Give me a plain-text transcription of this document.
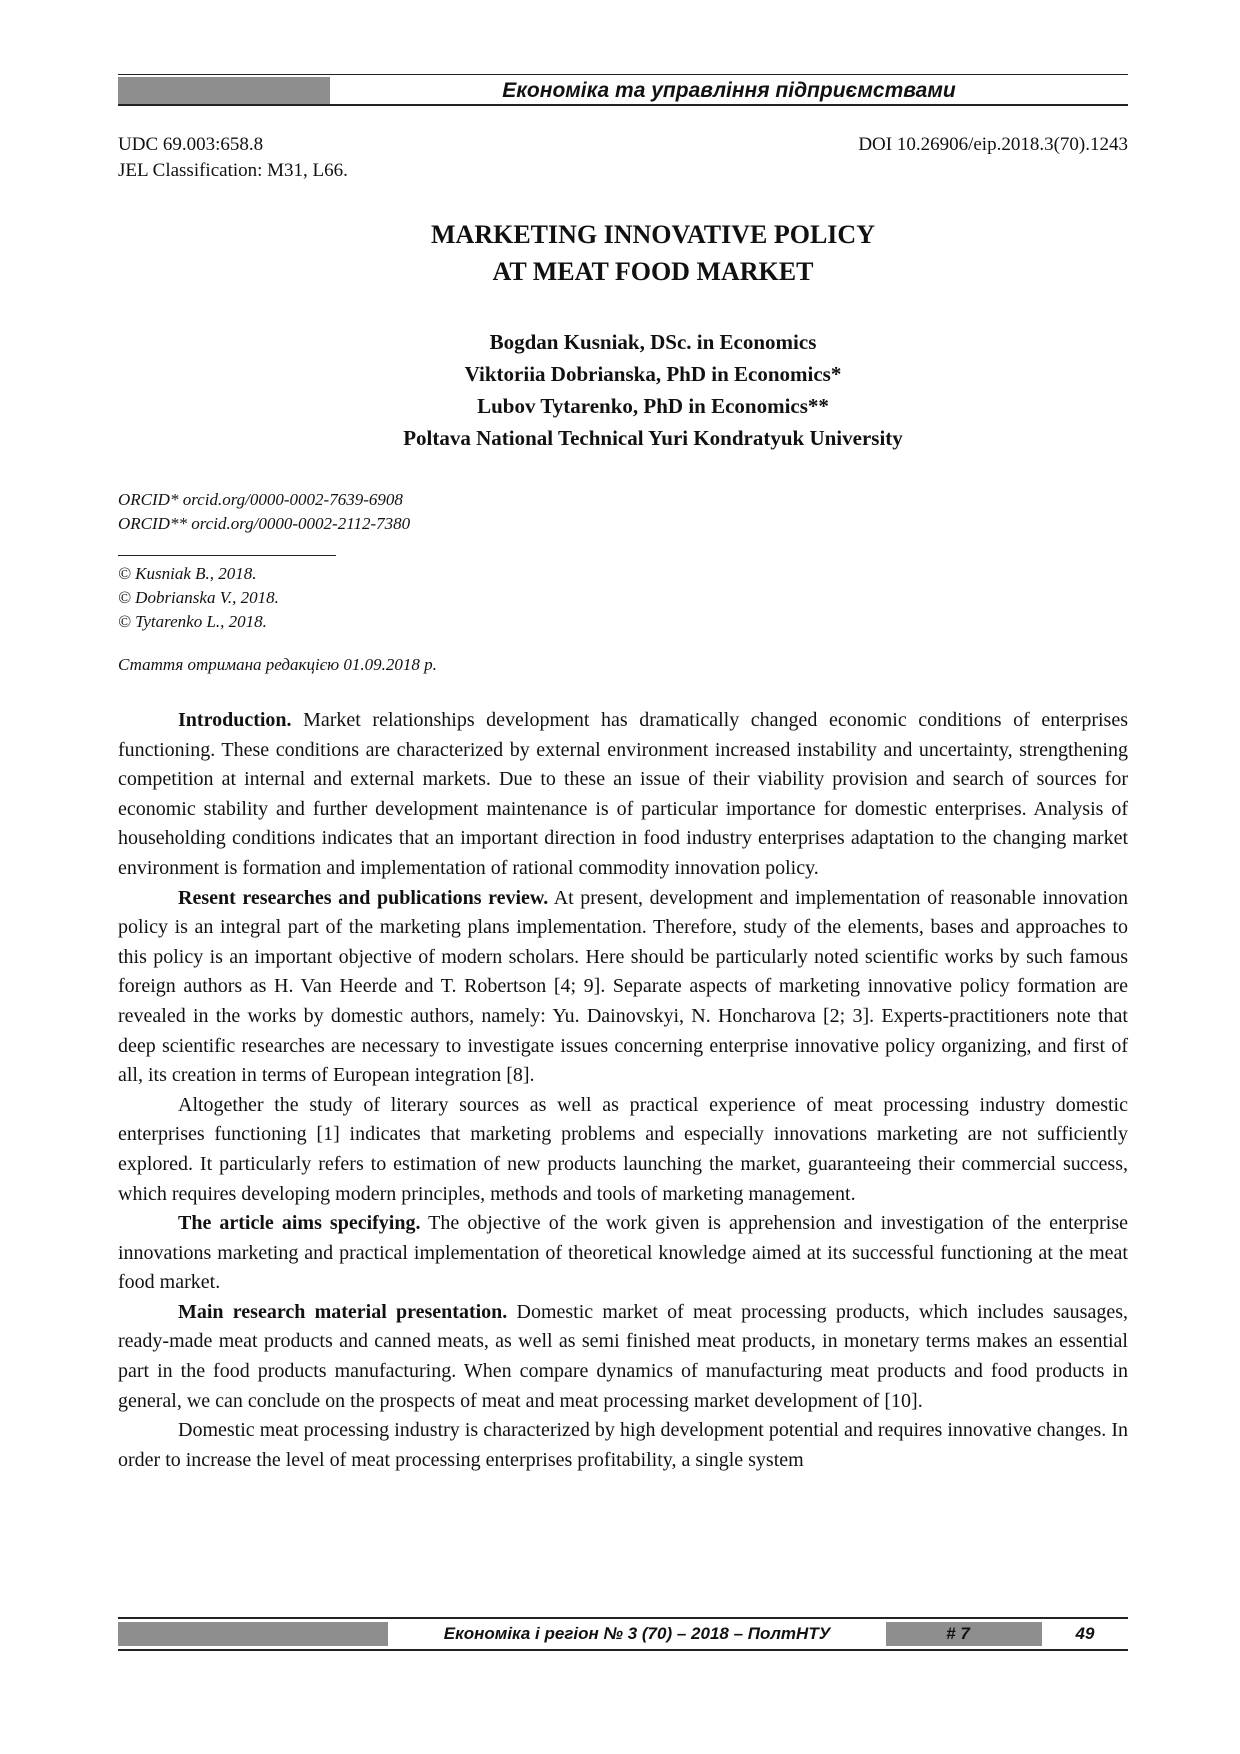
Економіка та управління підприємствами
UDC 69.003:658.8	DOI 10.26906/eip.2018.3(70).1243
JEL Classification: M31, L66.
MARKETING INNOVATIVE POLICY
AT MEAT FOOD MARKET
Bogdan Kusniak, DSc. in Economics
Viktoriia Dobrianska, PhD in Economics*
Lubov Tytarenko, PhD in Economics**
Poltava National Technical Yuri Kondratyuk University
ORCID* orcid.org/0000-0002-7639-6908
ORCID** orcid.org/0000-0002-2112-7380
© Kusniak B., 2018.
© Dobrianska V., 2018.
© Tytarenko L., 2018.
Стаття отримана редакцією 01.09.2018 р.

Introduction. Market relationships development has dramatically changed economic conditions of enterprises functioning. These conditions are characterized by external environment increased instability and uncertainty, strengthening competition at internal and external markets. Due to these an issue of their viability provision and search of sources for economic stability and further development maintenance is of particular importance for domestic enterprises. Analysis of householding conditions indicates that an important direction in food industry enterprises adaptation to the changing market environment is formation and implementation of rational commodity innovation policy.

Resent researches and publications review. At present, development and implementation of reasonable innovation policy is an integral part of the marketing plans implementation. Therefore, study of the elements, bases and approaches to this policy is an important objective of modern scholars. Here should be particularly noted scientific works by such famous foreign authors as H. Van Heerde and T. Robertson [4; 9]. Separate aspects of marketing innovative policy formation are revealed in the works by domestic authors, namely: Yu. Dainovskyi, N. Honcharova [2; 3]. Experts-practitioners note that deep scientific researches are necessary to investigate issues concerning enterprise innovative policy organizing, and first of all, its creation in terms of European integration [8].

Altogether the study of literary sources as well as practical experience of meat processing industry domestic enterprises functioning [1] indicates that marketing problems and especially innovations marketing are not sufficiently explored. It particularly refers to estimation of new products launching the market, guaranteeing their commercial success, which requires developing modern principles, methods and tools of marketing management.

The article aims specifying. The objective of the work given is apprehension and investigation of the enterprise innovations marketing and practical implementation of theoretical knowledge aimed at its successful functioning at the meat food market.

Main research material presentation. Domestic market of meat processing products, which includes sausages, ready-made meat products and canned meats, as well as semi finished meat products, in monetary terms makes an essential part in the food products manufacturing. When compare dynamics of manufacturing meat products and food products in general, we can conclude on the prospects of meat and meat processing market development of [10].

Domestic meat processing industry is characterized by high development potential and requires innovative changes. In order to increase the level of meat processing enterprises profitability, a single system

Економіка і регіон № 3 (70) – 2018 – ПолтНТУ	# 7	49
